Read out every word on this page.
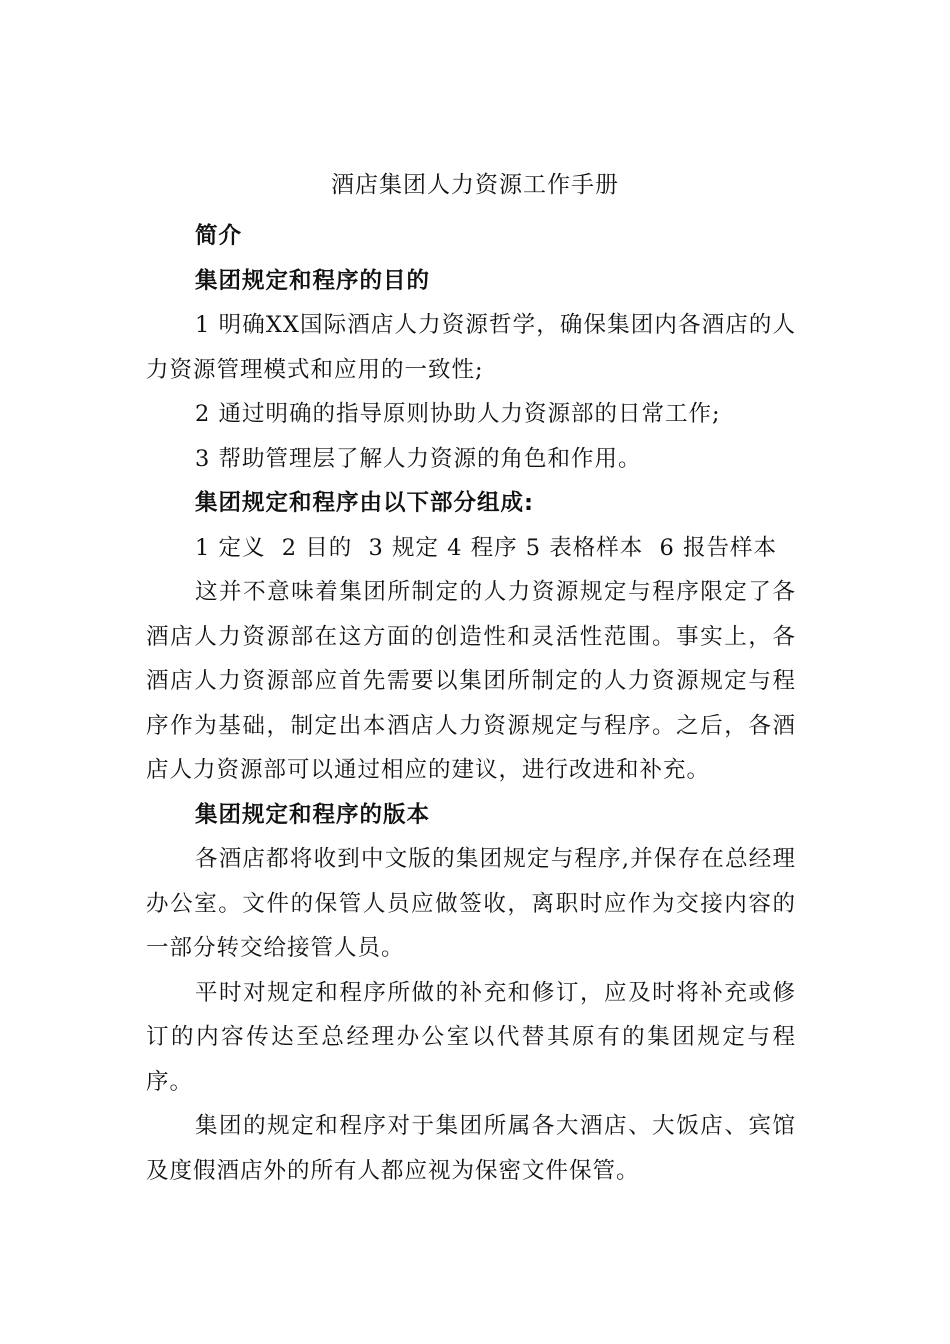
酒店集团人力资源工作手册

简介

集团规定和程序的目的

1 明确XX国际酒店人力资源哲学，确保集团内各酒店的人力资源管理模式和应用的一致性;

2 通过明确的指导原则协助人力资源部的日常工作;

3 帮助管理层了解人力资源的角色和作用。

集团规定和程序由以下部分组成:

1 定义  2 目的  3 规定 4 程序 5 表格样本  6 报告样本

这并不意味着集团所制定的人力资源规定与程序限定了各酒店人力资源部在这方面的创造性和灵活性范围。事实上，各酒店人力资源部应首先需要以集团所制定的人力资源规定与程序作为基础，制定出本酒店人力资源规定与程序。之后，各酒店人力资源部可以通过相应的建议，进行改进和补充。

集团规定和程序的版本

各酒店都将收到中文版的集团规定与程序,并保存在总经理办公室。文件的保管人员应做签收，离职时应作为交接内容的一部分转交给接管人员。

平时对规定和程序所做的补充和修订，应及时将补充或修订的内容传达至总经理办公室以代替其原有的集团规定与程序。

集团的规定和程序对于集团所属各大酒店、大饭店、宾馆及度假酒店外的所有人都应视为保密文件保管。
